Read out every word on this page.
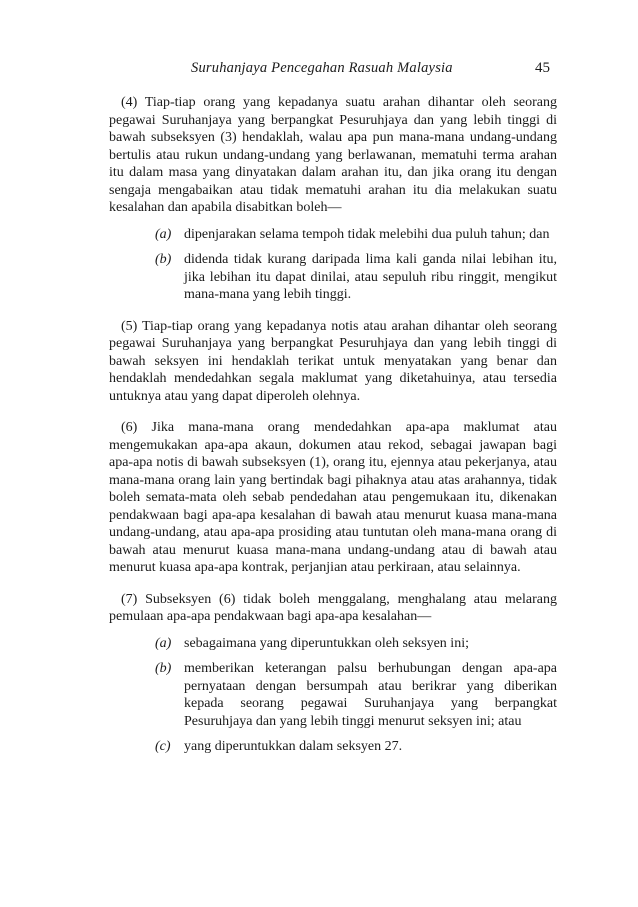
Suruhanjaya Pencegahan Rasuah Malaysia	45

(4) Tiap-tiap orang yang kepadanya suatu arahan dihantar oleh seorang pegawai Suruhanjaya yang berpangkat Pesuruhjaya dan yang lebih tinggi di bawah subseksyen (3) hendaklah, walau apa pun mana-mana undang-undang bertulis atau rukun undang-undang yang berlawanan, mematuhi terma arahan itu dalam masa yang dinyatakan dalam arahan itu, dan jika orang itu dengan sengaja mengabaikan atau tidak mematuhi arahan itu dia melakukan suatu kesalahan dan apabila disabitkan boleh—

(a) dipenjarakan selama tempoh tidak melebihi dua puluh tahun; dan
(b) didenda tidak kurang daripada lima kali ganda nilai lebihan itu, jika lebihan itu dapat dinilai, atau sepuluh ribu ringgit, mengikut mana-mana yang lebih tinggi.

(5) Tiap-tiap orang yang kepadanya notis atau arahan dihantar oleh seorang pegawai Suruhanjaya yang berpangkat Pesuruhjaya dan yang lebih tinggi di bawah seksyen ini hendaklah terikat untuk menyatakan yang benar dan hendaklah mendedahkan segala maklumat yang diketahuinya, atau tersedia untuknya atau yang dapat diperoleh olehnya.

(6) Jika mana-mana orang mendedahkan apa-apa maklumat atau mengemukakan apa-apa akaun, dokumen atau rekod, sebagai jawapan bagi apa-apa notis di bawah subseksyen (1), orang itu, ejennya atau pekerjanya, atau mana-mana orang lain yang bertindak bagi pihaknya atau atas arahannya, tidak boleh semata-mata oleh sebab pendedahan atau pengemukaan itu, dikenakan pendakwaan bagi apa-apa kesalahan di bawah atau menurut kuasa mana-mana undang-undang, atau apa-apa prosiding atau tuntutan oleh mana-mana orang di bawah atau menurut kuasa mana-mana undang-undang atau di bawah atau menurut kuasa apa-apa kontrak, perjanjian atau perkiraan, atau selainnya.

(7) Subseksyen (6) tidak boleh menggalang, menghalang atau melarang pemulaan apa-apa pendakwaan bagi apa-apa kesalahan—

(a) sebagaimana yang diperuntukkan oleh seksyen ini;
(b) memberikan keterangan palsu berhubungan dengan apa-apa pernyataan dengan bersumpah atau berikrar yang diberikan kepada seorang pegawai Suruhanjaya yang berpangkat Pesuruhjaya dan yang lebih tinggi menurut seksyen ini; atau
(c) yang diperuntukkan dalam seksyen 27.
